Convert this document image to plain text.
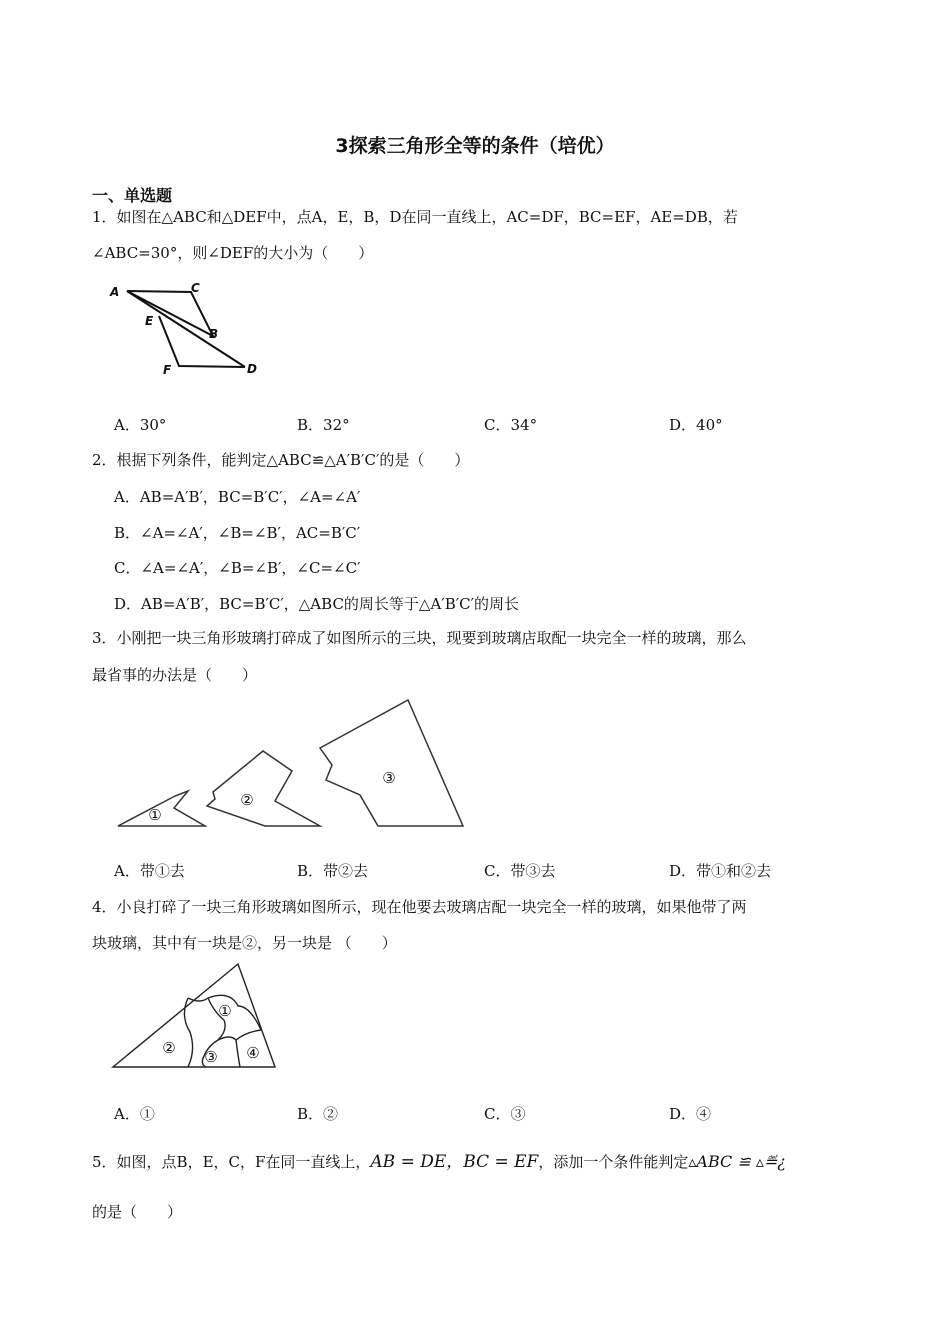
3探索三角形全等的条件（培优）
一、单选题
1．如图在△ABC和△DEF中，点A，E，B，D在同一直线上，AC=DF，BC=EF，AE=DB，若
∠ABC=30°，则∠DEF的大小为（　　）
A	C
E
B
F	D
A．30°	B．32°	C．34°	D．40°
2．根据下列条件，能判定△ABC≌△A′B′C′的是（　　）
A．AB=A′B′，BC=B′C′，∠A=∠A′
B．∠A=∠A′，∠B=∠B′，AC=B′C′
C．∠A=∠A′，∠B=∠B′，∠C=∠C′
D．AB=A′B′，BC=B′C′，△ABC的周长等于△A′B′C′的周长
3．小刚把一块三角形玻璃打碎成了如图所示的三块，现要到玻璃店取配一块完全一样的玻璃，那么
最省事的办法是（　　）
①
②
③
A．带①去	B．带②去	C．带③去	D．带①和②去
4．小良打碎了一块三角形玻璃如图所示，现在他要去玻璃店配一块完全一样的玻璃，如果他带了两
块玻璃，其中有一块是②，另一块是 （　　）
①
② ③ ④
A．①	B．②	C．③	D．④
5．如图，点B，E，C，F在同一直线上，AB = DE，BC = EF，添加一个条件能判定▵ABC ≌ ▵≝¿
的是（　　）
